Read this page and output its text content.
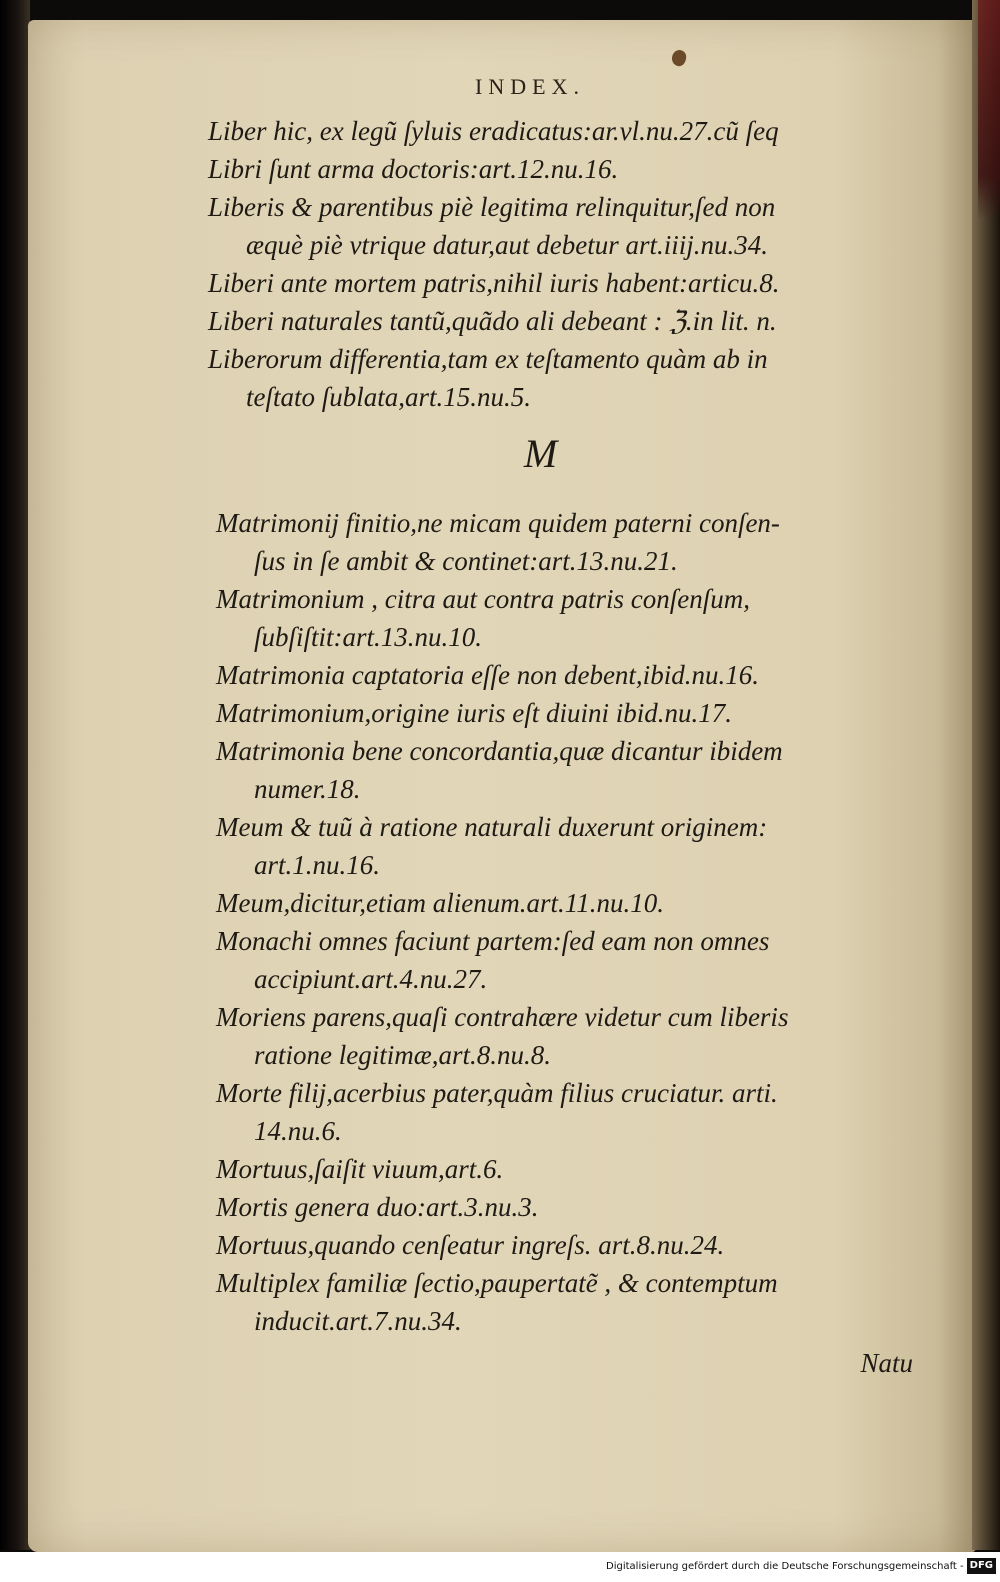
INDEX.
Liber hic, ex legũ ſyluis eradicatus:ar.vl.nu.27.cũ ſeq
Libri ſunt arma doctoris:art.12.nu.16.
Liberis & parentibus piè legitima relinquitur,ſed non
æquè piè vtrique datur,aut debetur art.iiij.nu.34.
Liberi ante mortem patris,nihil iuris habent:articu.8.
Liberi naturales tantũ,quãdo ali debeant : ℨ.in lit. n.
Liberorum differentia,tam ex teſtamento quàm ab in
teſtato ſublata,art.15.nu.5.
M
Matrimonij finitio,ne micam quidem paterni conſen-
ſus in ſe ambit & continet:art.13.nu.21.
Matrimonium , citra aut contra patris conſenſum,
ſubſiſtit:art.13.nu.10.
Matrimonia captatoria eſſe non debent,ibid.nu.16.
Matrimonium,origine iuris eſt diuini ibid.nu.17.
Matrimonia bene concordantia,quæ dicantur ibidem
numer.18.
Meum & tuũ à ratione naturali duxerunt originem:
art.1.nu.16.
Meum,dicitur,etiam alienum.art.11.nu.10.
Monachi omnes faciunt partem:ſed eam non omnes
accipiunt.art.4.nu.27.
Moriens parens,quaſi contrahære videtur cum liberis
ratione legitimæ,art.8.nu.8.
Morte filij,acerbius pater,quàm filius cruciatur. arti.
14.nu.6.
Mortuus,ſaiſit viuum,art.6.
Mortis genera duo:art.3.nu.3.
Mortuus,quando cenſeatur ingreſs. art.8.nu.24.
Multiplex familiæ ſectio,paupertatẽ , & contemptum
inducit.art.7.nu.34.
Natu
Digitalisierung gefördert durch die Deutsche Forschungsgemeinschaft - DFG
